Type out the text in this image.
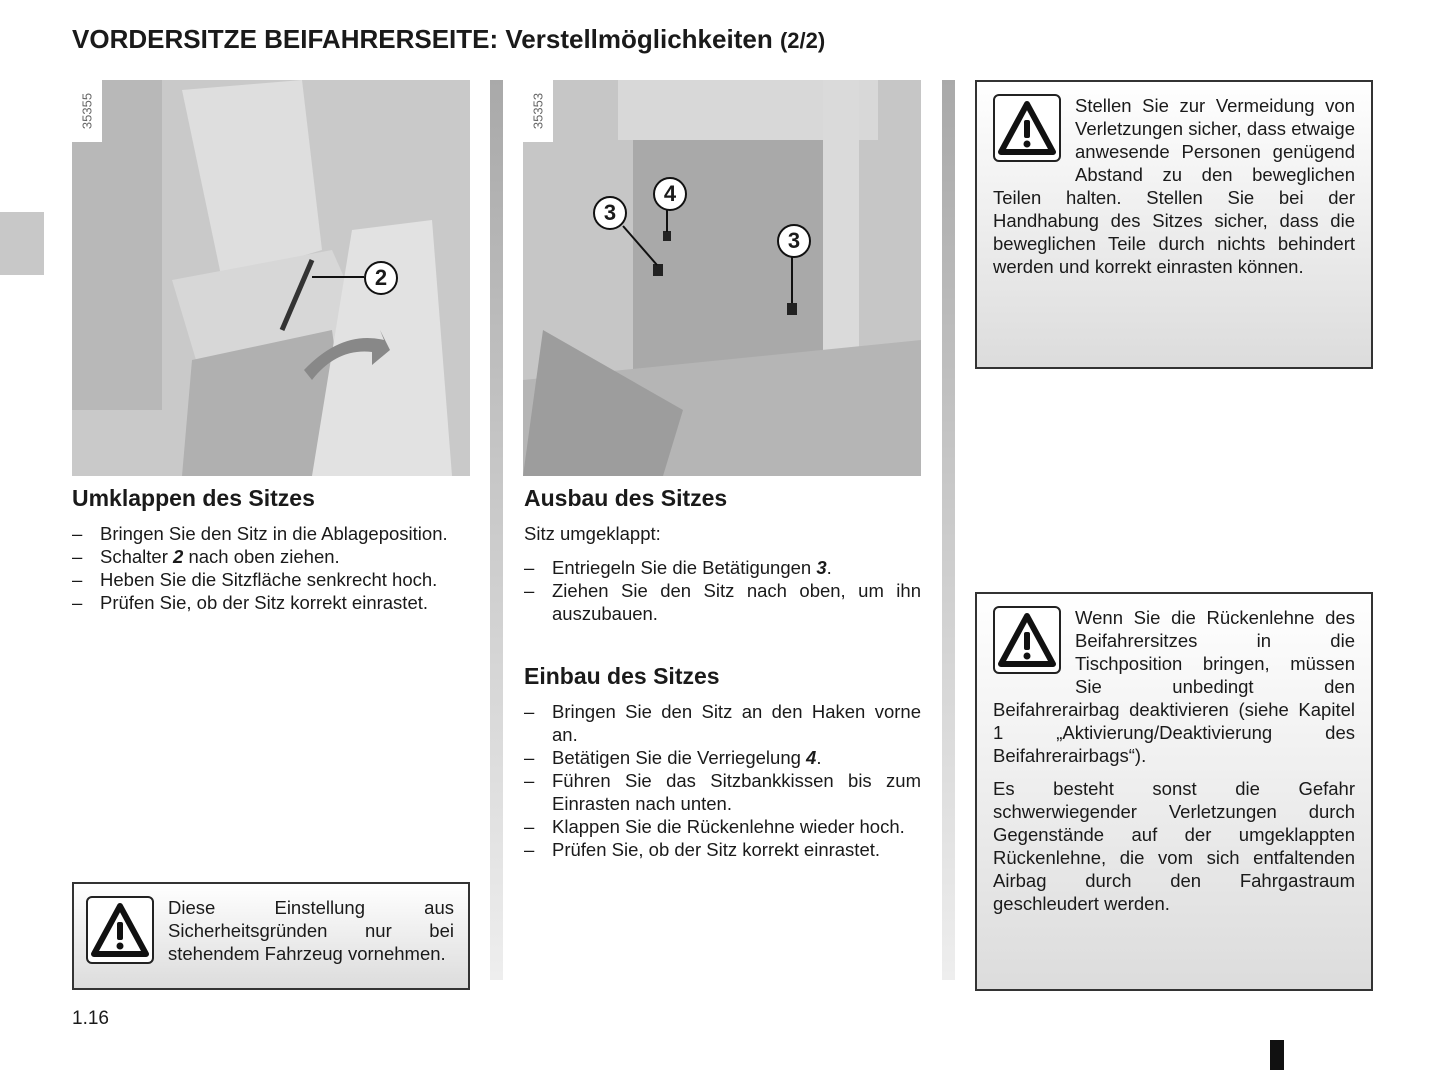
VORDERSITZE BEIFAHRERSEITE: Verstellmöglichkeiten (2/2)
35355
2
35353
4
3
3
Umklappen des Sitzes
– Bringen Sie den Sitz in die Ablageposition.
– Schalter 2 nach oben ziehen.
– Heben Sie die Sitzfläche senkrecht hoch.
– Prüfen Sie, ob der Sitz korrekt einrastet.

Diese Einstellung aus Sicherheitsgründen nur bei stehendem Fahrzeug vornehmen.

Ausbau des Sitzes
Sitz umgeklappt:
– Entriegeln Sie die Betätigungen 3.
– Ziehen Sie den Sitz nach oben, um ihn auszubauen.
Einbau des Sitzes
– Bringen Sie den Sitz an den Haken vorne an.
– Betätigen Sie die Verriegelung 4.
– Führen Sie das Sitzbankkissen bis zum Einrasten nach unten.
– Klappen Sie die Rückenlehne wieder hoch.
– Prüfen Sie, ob der Sitz korrekt einrastet.

Stellen Sie zur Vermeidung von Verletzungen sicher, dass etwaige anwesende Personen genügend Abstand zu den beweglichen Teilen halten. Stellen Sie bei der Handhabung des Sitzes sicher, dass die beweglichen Teile durch nichts behindert werden und korrekt einrasten können.

Wenn Sie die Rückenlehne des Beifahrersitzes in die Tischposition bringen, müssen Sie unbedingt den Beifahrerairbag deaktivieren (siehe Kapitel 1 „Aktivierung/Deaktivierung des Beifahrerairbags“).

Es besteht sonst die Gefahr schwerwiegender Verletzungen durch Gegenstände auf der umgeklappten Rückenlehne, die vom sich entfaltenden Airbag durch den Fahrgastraum geschleudert werden.

1.16
